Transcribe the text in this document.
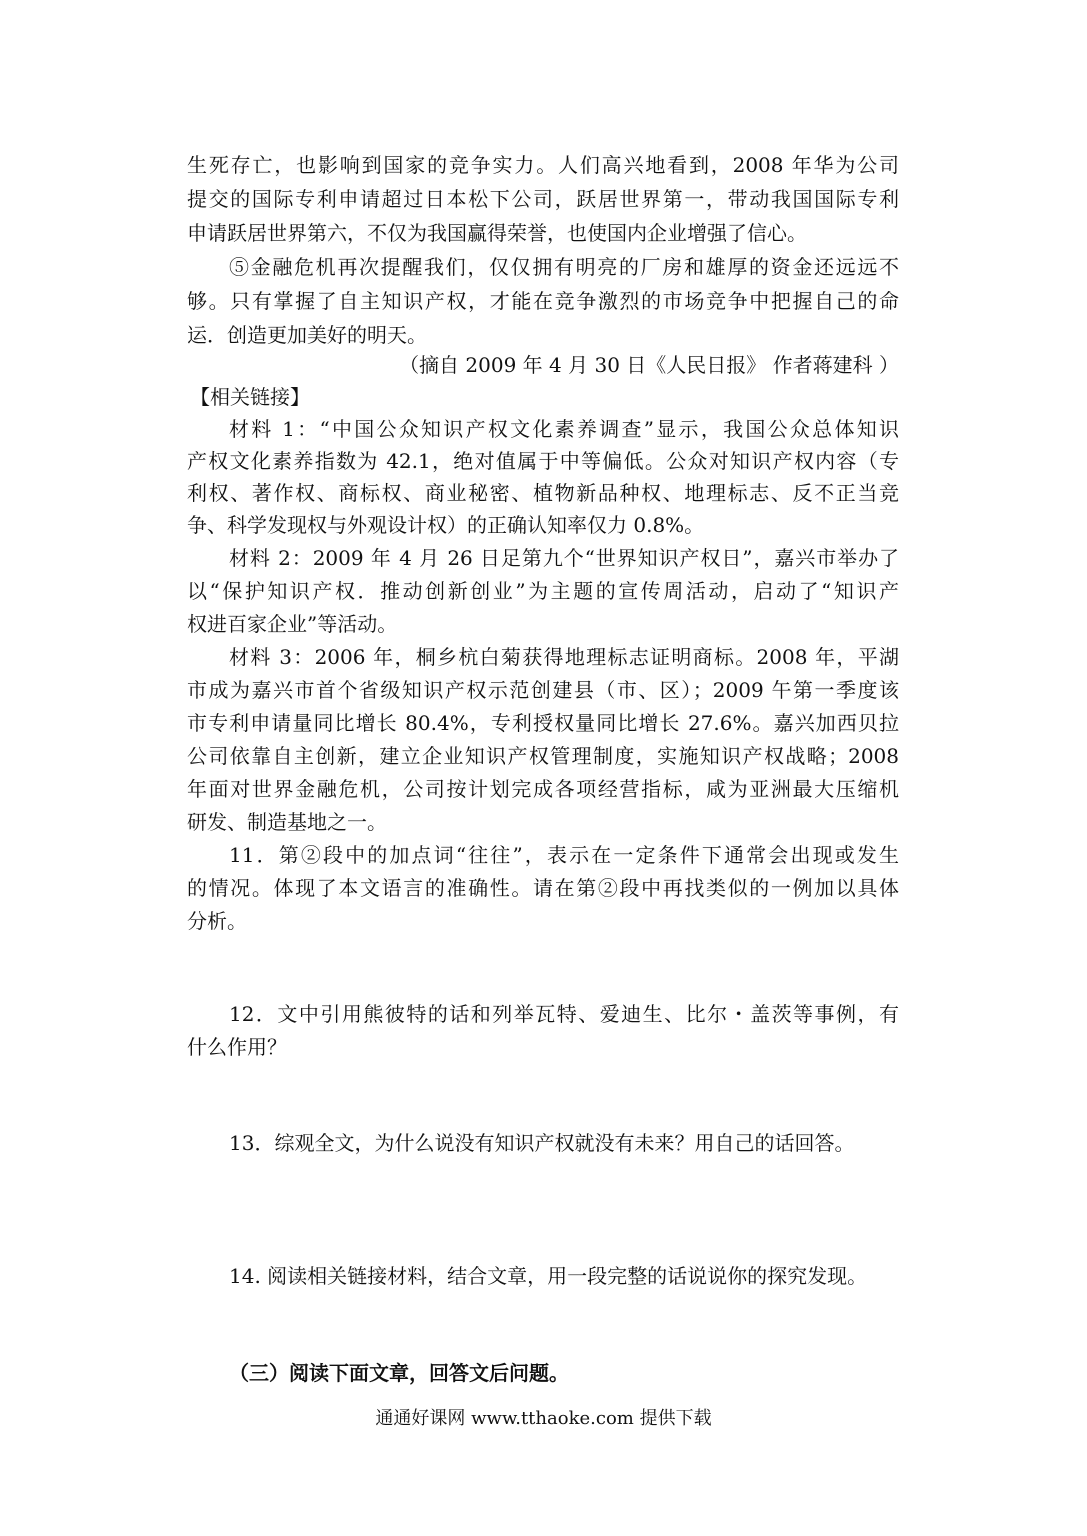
生死存亡，也影响到国家的竞争实力。人们高兴地看到，2008 年华为公司
提交的国际专利申请超过日本松下公司，跃居世界第一，带动我国国际专利
申请跃居世界第六，不仅为我国赢得荣誉，也使国内企业增强了信心。
⑤金融危机再次提醒我们，仅仅拥有明亮的厂房和雄厚的资金还远远不
够。只有掌握了自主知识产权，才能在竞争激烈的市场竞争中把握自己的命
运．创造更加美好的明天。
（摘自 2009 年 4 月 30 日《人民日报》 作者蒋建科 ）
【相关链接】
材料 1：“中国公众知识产权文化素养调查”显示，我国公众总体知识
产权文化素养指数为 42.1，绝对值属于中等偏低。公众对知识产权内容（专
利权、著作权、商标权、商业秘密、植物新品种权、地理标志、反不正当竞
争、科学发现权与外观设计权）的正确认知率仅力 0.8%。
材料 2：2009 年 4 月 26 日足第九个“世界知识产权日”，嘉兴市举办了
以“保护知识产权．推动创新创业”为主题的宣传周活动，启动了“知识产
权进百家企业”等活动。
材料 3：2006 年，桐乡杭白菊获得地理标志证明商标。2008 年，平湖
市成为嘉兴市首个省级知识产权示范创建县（市、区）；2009 午第一季度该
市专利申请量同比增长 80.4%，专利授权量同比增长 27.6%。嘉兴加西贝拉
公司依靠自主创新，建立企业知识产权管理制度，实施知识产权战略；2008
年面对世界金融危机，公司按计划完成各项经营指标，咸为亚洲最大压缩机
研发、制造基地之一。
11．第②段中的加点词“往往”，表示在一定条件下通常会出现或发生
的情况。体现了本文语言的准确性。请在第②段中再找类似的一例加以具体
分析。
12．文中引用熊彼特的话和列举瓦特、爱迪生、比尔・盖茨等事例，有
什么作用？
13．综观全文，为什么说没有知识产权就没有未来？用自己的话回答。
14. 阅读相关链接材料，结合文章，用一段完整的话说说你的探究发现。
（三）阅读下面文章，回答文后问题。
通通好课网 www.tthaoke.com 提供下载
